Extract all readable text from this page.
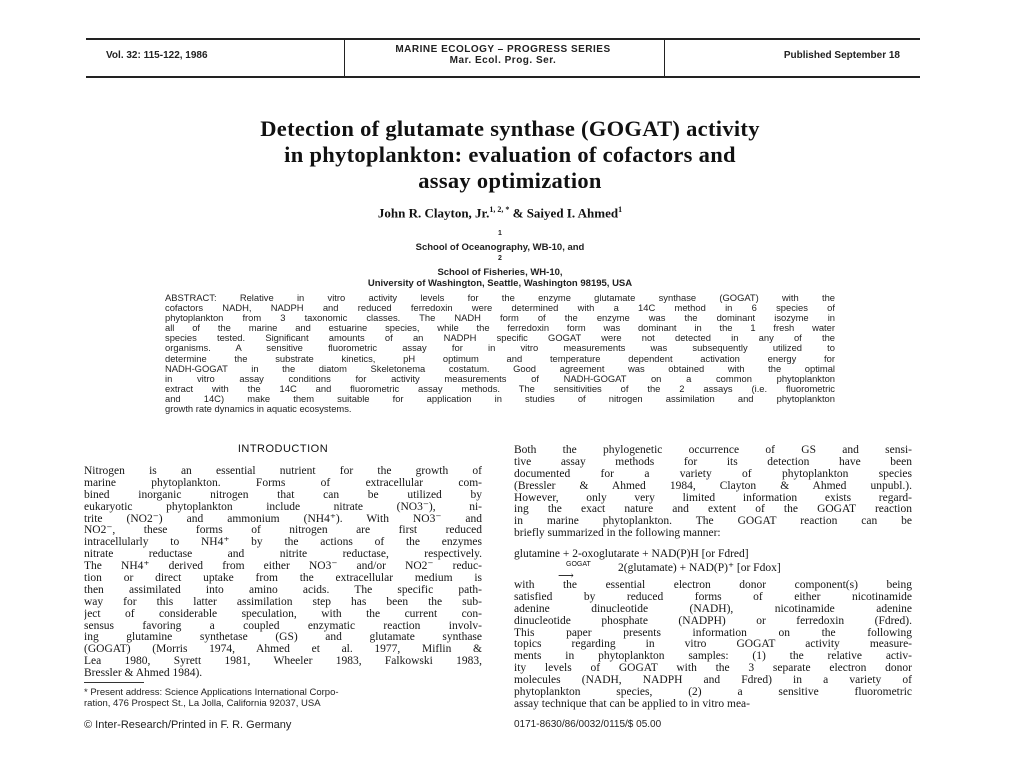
Vol. 32: 115-122, 1986
MARINE ECOLOGY – PROGRESS SERIES
Mar. Ecol. Prog. Ser.	Published September 18
Detection of glutamate synthase (GOGAT) activity
in phytoplankton: evaluation of cofactors and
assay optimization
John R. Clayton, Jr.$^{1, 2, *}$ & Saiyed I. Ahmed$^1$
$^1$
School of Oceanography, WB-10, and
$^2$
School of Fisheries, WH-10,
University of Washington, Seattle, Washington 98195, USA
ABSTRACT: Relative in vitro activity levels for the enzyme glutamate synthase (GOGAT) with the
cofactors NADH, NADPH and reduced ferredoxin were determined with a 14C method in 6 species of
phytoplankton from 3 taxonomic classes. The NADH form of the enzyme was the dominant isozyme in
all of the marine and estuarine species, while the ferredoxin form was dominant in the 1 fresh water
species tested. Significant amounts of an NADPH specific GOGAT were not detected in any of the
organisms. A sensitive fluorometric assay for in vitro measurements was subsequently utilized to
determine the substrate kinetics, pH optimum and temperature dependent activation energy for
NADH-GOGAT in the diatom Skeletonema costatum. Good agreement was obtained with the optimal
in vitro assay conditions for activity measurements of NADH-GOGAT on a common phytoplankton
extract with the 14C and fluorometric assay methods. The sensitivities of the 2 assays (i.e. fluorometric
and 14C) make them suitable for application in studies of nitrogen assimilation and phytoplankton
growth rate dynamics in aquatic ecosystems.
INTRODUCTION
Nitrogen is an essential nutrient for the growth of
marine phytoplankton. Forms of extracellular com-
bined inorganic nitrogen that can be utilized by
eukaryotic phytoplankton include nitrate (NO3⁻), ni-
trite (NO2⁻) and ammonium (NH4⁺). With NO3⁻ and
NO2⁻, these forms of nitrogen are first reduced
intracellularly to NH4⁺ by the actions of the enzymes
nitrate reductase and nitrite reductase, respectively.
The NH4⁺ derived from either NO3⁻ and/or NO2⁻ reduc-
tion or direct uptake from the extracellular medium is
then assimilated into amino acids. The specific path-
way for this latter assimilation step has been the sub-
ject of considerable speculation, with the current con-
sensus favoring a coupled enzymatic reaction involv-
ing glutamine synthetase (GS) and glutamate synthase
(GOGAT) (Morris 1974, Ahmed et al. 1977, Miflin &
Lea 1980, Syrett 1981, Wheeler 1983, Falkowski 1983,
Bressler & Ahmed 1984).
* Present address: Science Applications International Corpo-
ration, 476 Prospect St., La Jolla, California 92037, USA
© Inter-Research/Printed in F. R. Germany
Both the phylogenetic occurrence of GS and sensi-
tive assay methods for its detection have been
documented for a variety of phytoplankton species
(Bressler & Ahmed 1984, Clayton & Ahmed unpubl.).
However, only very limited information exists regard-
ing the exact nature and extent of the GOGAT reaction
in marine phytoplankton. The GOGAT reaction can be
briefly summarized in the following manner:
glutamine + 2-oxoglutarate + NAD(P)H [or Fdred]
GOGAT
⟶
2(glutamate) + NAD(P)⁺ [or Fdox]
with the essential electron donor component(s) being
satisfied by reduced forms of either nicotinamide
adenine dinucleotide (NADH), nicotinamide adenine
dinucleotide phosphate (NADPH) or ferredoxin (Fdred).
This paper presents information on the following
topics regarding in vitro GOGAT activity measure-
ments in phytoplankton samples: (1) the relative activ-
ity levels of GOGAT with the 3 separate electron donor
molecules (NADH, NADPH and Fdred) in a variety of
phytoplankton species, (2) a sensitive fluorometric
assay technique that can be applied to in vitro mea-
0171-8630/86/0032/0115/$ 05.00
